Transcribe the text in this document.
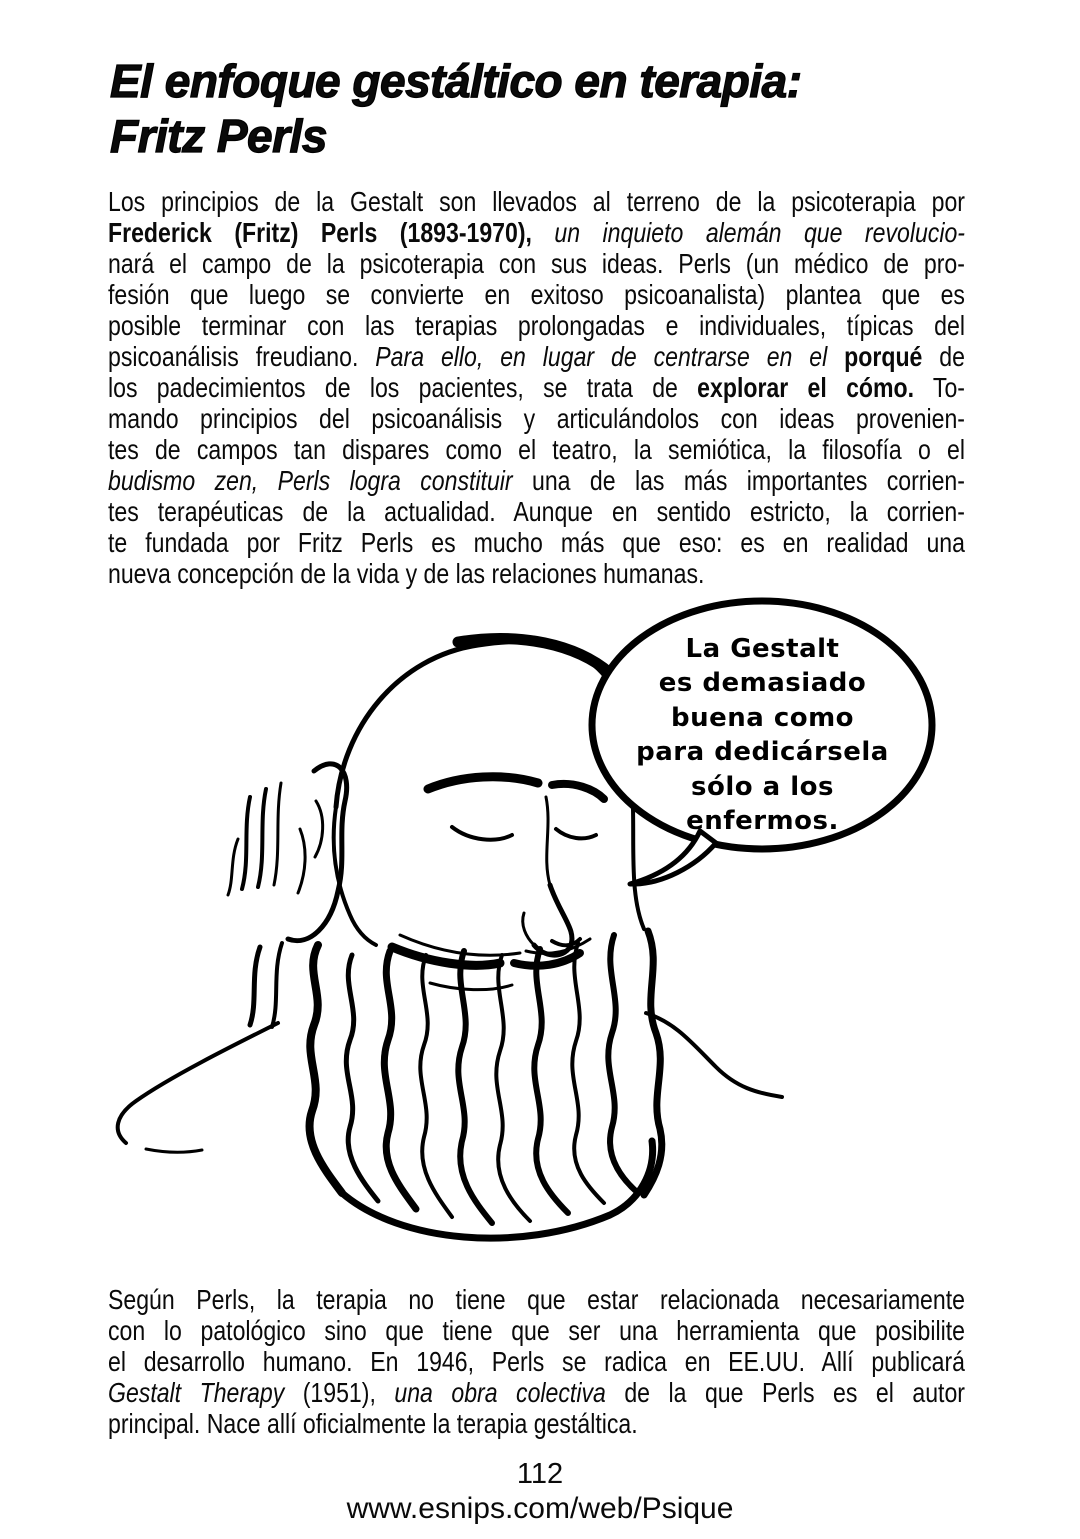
El enfoque gestáltico en terapia:
Fritz Perls
Los principios de la Gestalt son llevados al terreno de la psicoterapia por
Frederick (Fritz) Perls (1893-1970), un inquieto alemán que revolucio-
nará el campo de la psicoterapia con sus ideas. Perls (un médico de pro-
fesión que luego se convierte en exitoso psicoanalista) plantea que es
posible terminar con las terapias prolongadas e individuales, típicas del
psicoanálisis freudiano. Para ello, en lugar de centrarse en el porqué de
los padecimientos de los pacientes, se trata de explorar el cómo. To-
mando principios del psicoanálisis y articulándolos con ideas provenien-
tes de campos tan dispares como el teatro, la semiótica, la filosofía o el
budismo zen, Perls logra constituir una de las más importantes corrien-
tes terapéuticas de la actualidad. Aunque en sentido estricto, la corrien-
te fundada por Fritz Perls es mucho más que eso: es en realidad una
nueva concepción de la vida y de las relaciones humanas.
La Gestalt
es demasiado
buena como
para dedicársela
sólo a los
enfermos.
Según Perls, la terapia no tiene que estar relacionada necesariamente
con lo patológico sino que tiene que ser una herramienta que posibilite
el desarrollo humano. En 1946, Perls se radica en EE.UU. Allí publicará
Gestalt Therapy (1951), una obra colectiva de la que Perls es el autor
principal. Nace allí oficialmente la terapia gestáltica.
112
www.esnips.com/web/Psique
